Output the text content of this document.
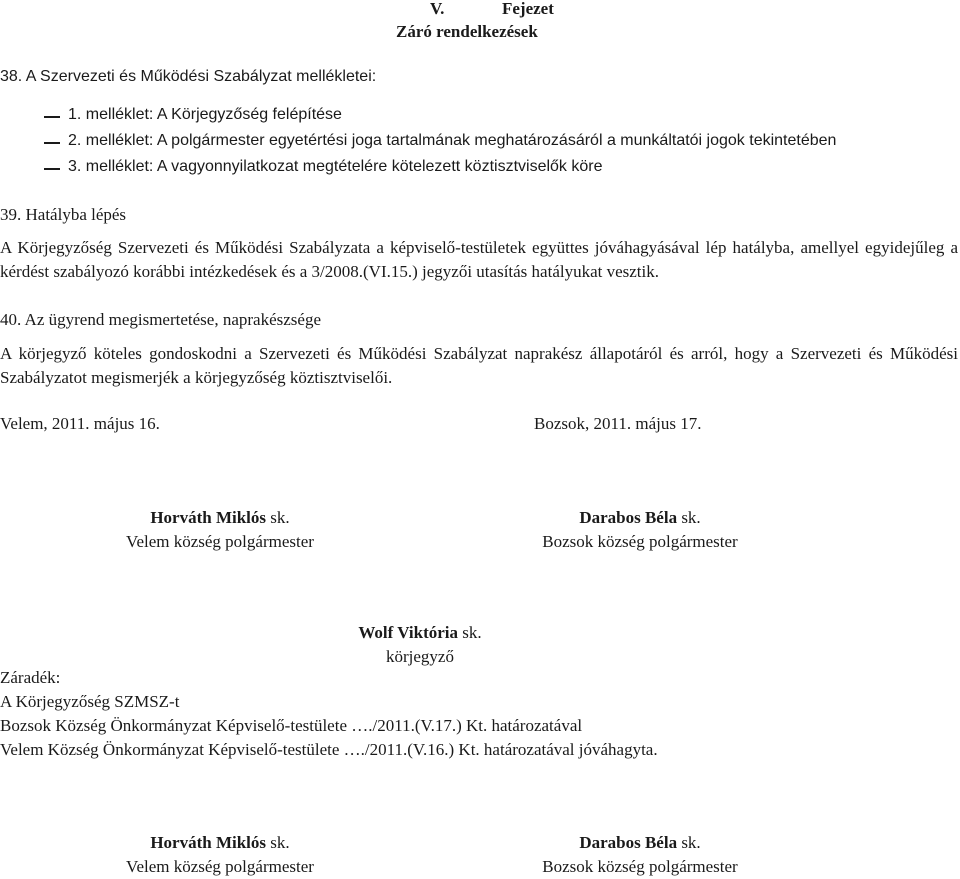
V.	Fejezet
Záró rendelkezések
38. A Szervezeti és Működési Szabályzat mellékletei:
1. melléklet: A Körjegyzőség felépítése
2. melléklet: A polgármester egyetértési joga tartalmának meghatározásáról a munkáltatói jogok tekintetében
3. melléklet: A vagyonnyilatkozat megtételére kötelezett köztisztviselők köre
39. Hatályba lépés
A Körjegyzőség Szervezeti és Működési Szabályzata a képviselő-testületek együttes jóváhagyásával lép hatályba, amellyel egyidejűleg a kérdést szabályozó korábbi intézkedések és a 3/2008.(VI.15.) jegyzői utasítás hatályukat vesztik.
40. Az ügyrend megismertetése, naprakészsége
A körjegyző köteles gondoskodni a Szervezeti és Működési Szabályzat naprakész állapotáról és arról, hogy a Szervezeti és Működési Szabályzatot megismerjék a körjegyzőség köztisztviselői.
Velem, 2011. május 16.	Bozsok, 2011. május 17.
Horváth Miklós sk.
Velem község polgármester
Darabos Béla sk.
Bozsok község polgármester
Wolf Viktória sk.
körjegyző
Záradék:
A Körjegyzőség SZMSZ-t
Bozsok Község Önkormányzat Képviselő-testülete …./2011.(V.17.) Kt. határozatával
Velem Község Önkormányzat Képviselő-testülete …./2011.(V.16.) Kt. határozatával jóváhagyta.
Horváth Miklós sk.
Velem község polgármester
Darabos Béla sk.
Bozsok község polgármester
